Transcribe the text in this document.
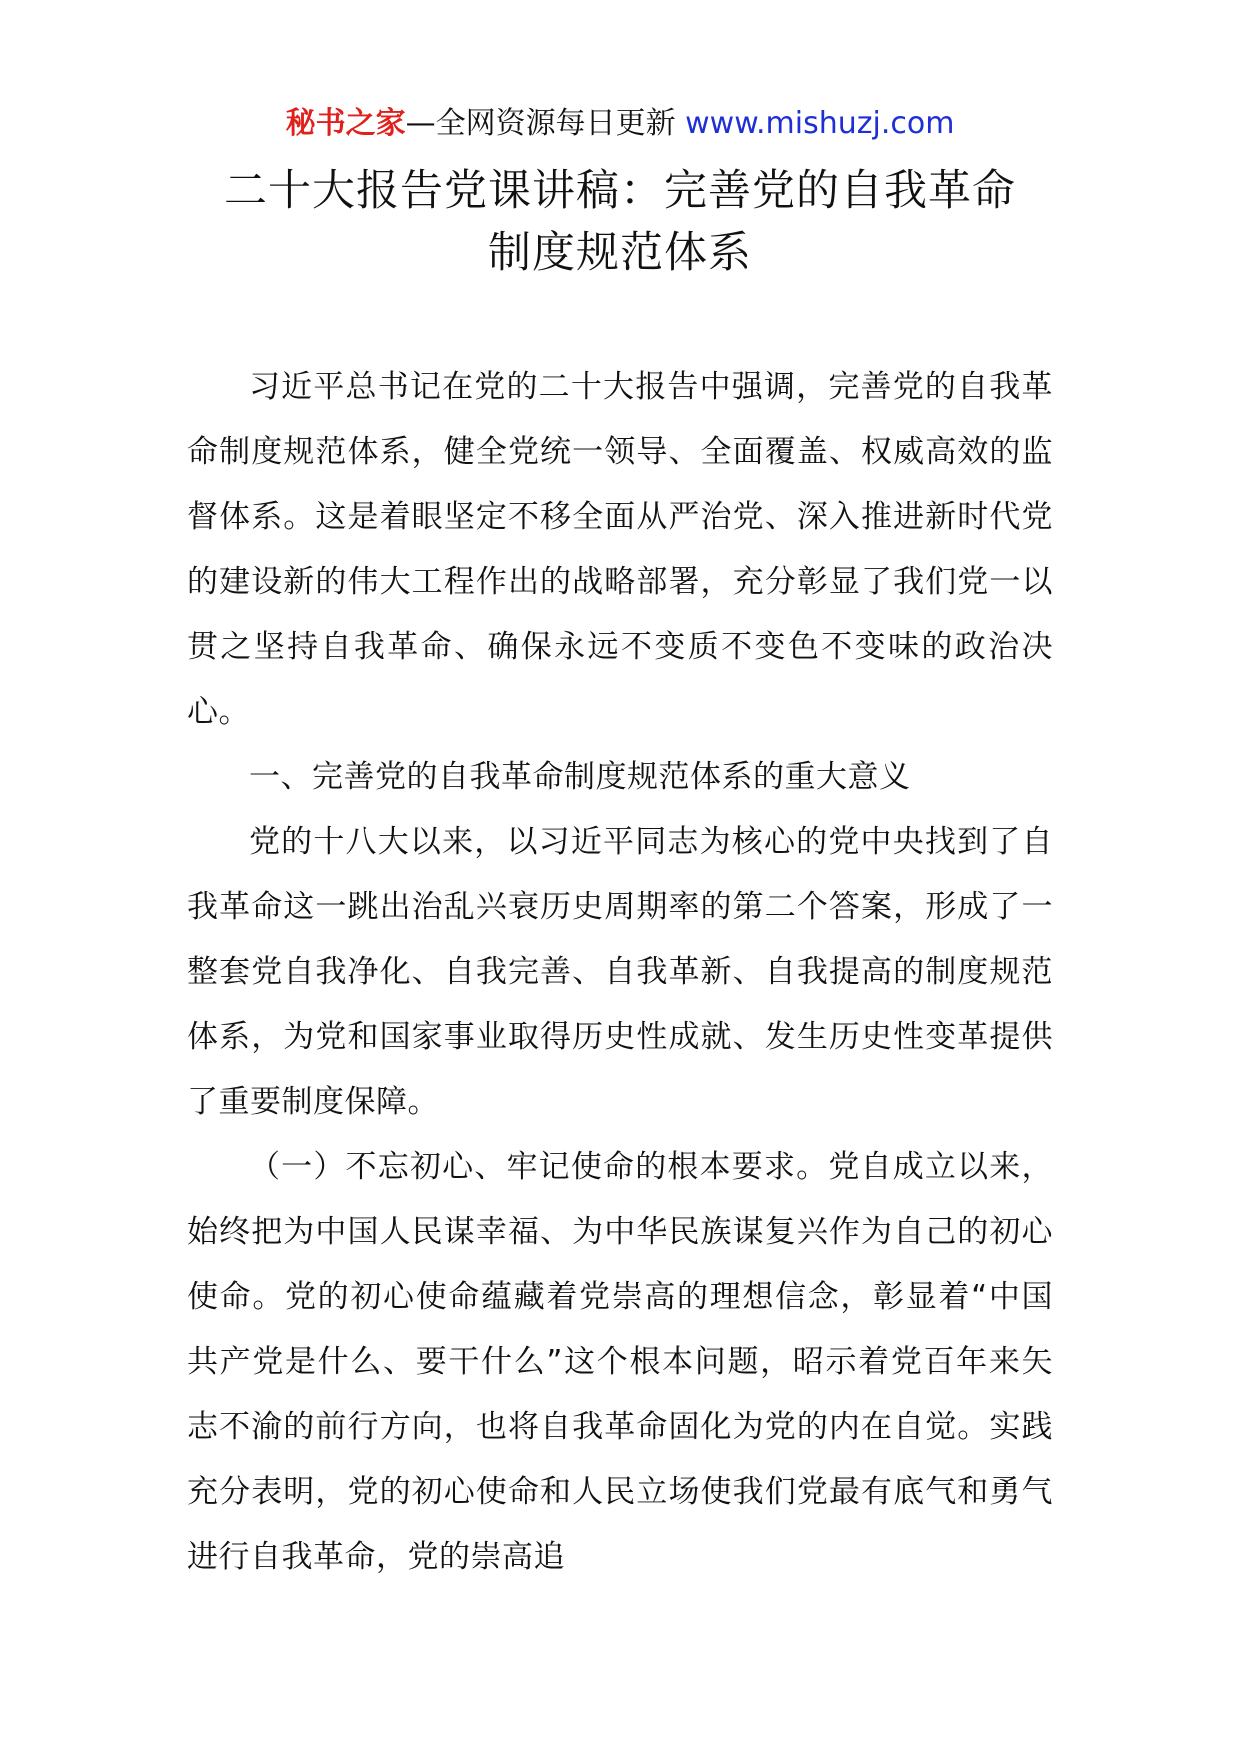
秘书之家—全网资源每日更新 www.mishuzj.com
二十大报告党课讲稿：完善党的自我革命
制度规范体系

习近平总书记在党的二十大报告中强调，完善党的自我革命制度规范体系，健全党统一领导、全面覆盖、权威高效的监督体系。这是着眼坚定不移全面从严治党、深入推进新时代党的建设新的伟大工程作出的战略部署，充分彰显了我们党一以贯之坚持自我革命、确保永远不变质不变色不变味的政治决心。

一、完善党的自我革命制度规范体系的重大意义

党的十八大以来，以习近平同志为核心的党中央找到了自我革命这一跳出治乱兴衰历史周期率的第二个答案，形成了一整套党自我净化、自我完善、自我革新、自我提高的制度规范体系，为党和国家事业取得历史性成就、发生历史性变革提供了重要制度保障。

（一）不忘初心、牢记使命的根本要求。党自成立以来，始终把为中国人民谋幸福、为中华民族谋复兴作为自己的初心使命。党的初心使命蕴藏着党崇高的理想信念，彰显着“中国共产党是什么、要干什么”这个根本问题，昭示着党百年来矢志不渝的前行方向，也将自我革命固化为党的内在自觉。实践充分表明，党的初心使命和人民立场使我们党最有底气和勇气进行自我革命，党的崇高追
